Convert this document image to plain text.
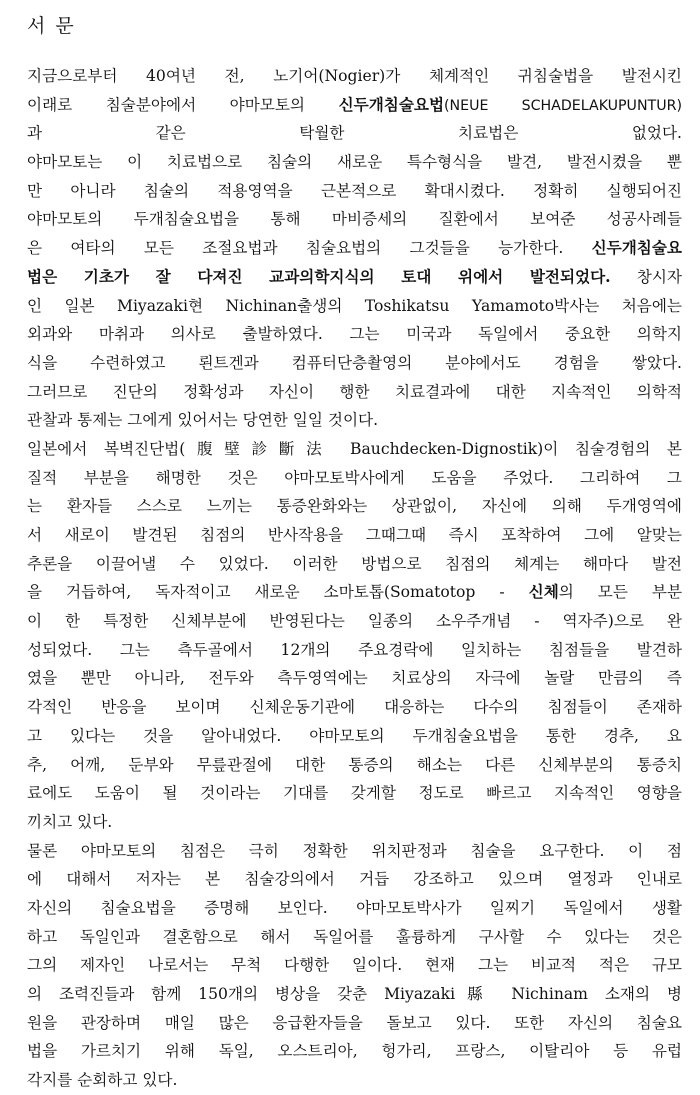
서 문
지금으로부터 40여년 전, 노기어(Nogier)가 체계적인 귀침술법을 발전시킨
이래로 침술분야에서 야마모토의 신두개침술요법(NEUE SCHADELAKUPUNTUR)
과 같은 탁월한 치료법은 없었다.
야마모토는 이 치료법으로 침술의 새로운 특수형식을 발견, 발전시켰을 뿐
만 아니라 침술의 적용영역을 근본적으로 확대시켰다. 정확히 실행되어진
야마모토의 두개침술요법을 통해 마비증세의 질환에서 보여준 성공사례들
은 여타의 모든 조절요법과 침술요법의 그것들을 능가한다. 신두개침술요
법은 기초가 잘 다져진 교과의학지식의 토대 위에서 발전되었다. 창시자
인 일본 Miyazaki현 Nichinan출생의 Toshikatsu Yamamoto박사는 처음에는
외과와 마취과 의사로 출발하였다. 그는 미국과 독일에서 중요한 의학지
식을 수련하였고 뢴트겐과 컴퓨터단층촬영의 분야에서도 경험을 쌓았다.
그러므로 진단의 정확성과 자신이 행한 치료결과에 대한 지속적인 의학적
관찰과 통제는 그에게 있어서는 당연한 일일 것이다.
일본에서 복벽진단법(腹壁診斷法 Bauchdecken-Dignostik)이 침술경험의 본
질적 부분을 해명한 것은 야마모토박사에게 도움을 주었다. 그리하여 그
는 환자들 스스로 느끼는 통증완화와는 상관없이, 자신에 의해 두개영역에
서 새로이 발견된 침점의 반사작용을 그때그때 즉시 포착하여 그에 알맞는
추론을 이끌어낼 수 있었다. 이러한 방법으로 침점의 체계는 해마다 발전
을 거듭하여, 독자적이고 새로운 소마토톱(Somatotop - 신체의 모든 부분
이 한 특정한 신체부분에 반영된다는 일종의 소우주개념 - 역자주)으로 완
성되었다. 그는 측두골에서 12개의 주요경락에 일치하는 침점들을 발견하
였을 뿐만 아니라, 전두와 측두영역에는 치료상의 자극에 놀랄 만큼의 즉
각적인 반응을 보이며 신체운동기관에 대응하는 다수의 침점들이 존재하
고 있다는 것을 알아내었다. 야마모토의 두개침술요법을 통한 경추, 요
추, 어깨, 둔부와 무릎관절에 대한 통증의 해소는 다른 신체부분의 통증치
료에도 도움이 될 것이라는 기대를 갖게할 정도로 빠르고 지속적인 영향을
끼치고 있다.
물론 야마모토의 침점은 극히 정확한 위치판정과 침술을 요구한다. 이 점
에 대해서 저자는 본 침술강의에서 거듭 강조하고 있으며 열정과 인내로
자신의 침술요법을 증명해 보인다. 야마모토박사가 일찌기 독일에서 생활
하고 독일인과 결혼함으로 해서 독일어를 훌륭하게 구사할 수 있다는 것은
그의 제자인 나로서는 무척 다행한 일이다. 현재 그는 비교적 적은 규모
의 조력진들과 함께 150개의 병상을 갖춘 Miyazaki縣 Nichinam 소재의 병
원을 관장하며 매일 많은 응급환자들을 돌보고 있다. 또한 자신의 침술요
법을 가르치기 위해 독일, 오스트리아, 헝가리, 프랑스, 이탈리아 등 유럽
각지를 순회하고 있다.
